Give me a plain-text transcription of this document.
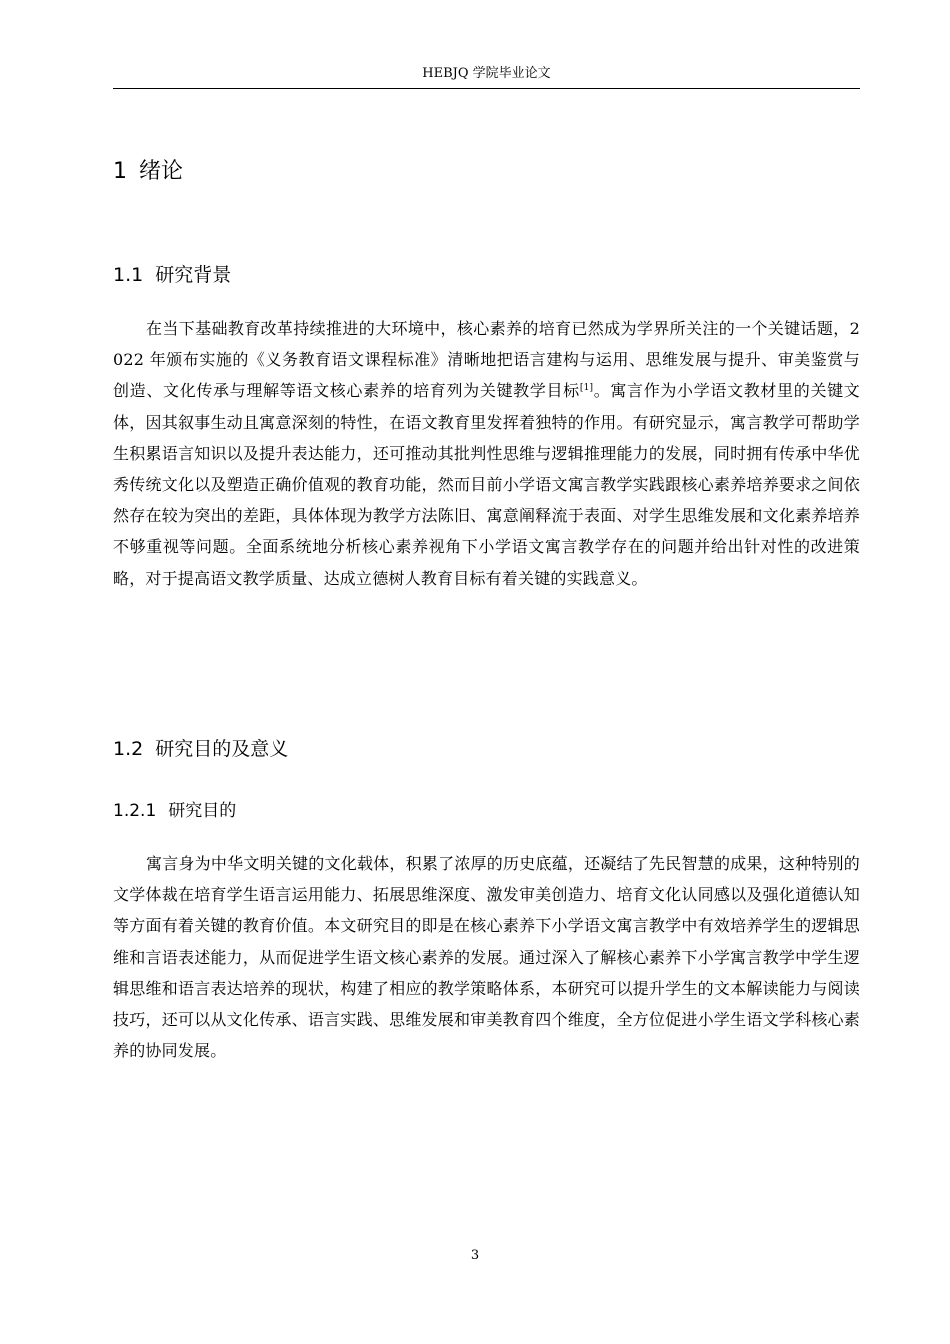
HEBJQ 学院毕业论文
1 绪论
1.1 研究背景

在当下基础教育改革持续推进的大环境中，核心素养的培育已然成为学界所关注的一个关键话题，2022 年颁布实施的《义务教育语文课程标准》清晰地把语言建构与运用、思维发展与提升、审美鉴赏与创造、文化传承与理解等语文核心素养的培育列为关键教学目标[1]。寓言作为小学语文教材里的关键文体，因其叙事生动且寓意深刻的特性，在语文教育里发挥着独特的作用。有研究显示，寓言教学可帮助学生积累语言知识以及提升表达能力，还可推动其批判性思维与逻辑推理能力的发展，同时拥有传承中华优秀传统文化以及塑造正确价值观的教育功能，然而目前小学语文寓言教学实践跟核心素养培养要求之间依然存在较为突出的差距，具体体现为教学方法陈旧、寓意阐释流于表面、对学生思维发展和文化素养培养不够重视等问题。全面系统地分析核心素养视角下小学语文寓言教学存在的问题并给出针对性的改进策略，对于提高语文教学质量、达成立德树人教育目标有着关键的实践意义。

1.2 研究目的及意义
1.2.1 研究目的

寓言身为中华文明关键的文化载体，积累了浓厚的历史底蕴，还凝结了先民智慧的成果，这种特别的文学体裁在培育学生语言运用能力、拓展思维深度、激发审美创造力、培育文化认同感以及强化道德认知等方面有着关键的教育价值。本文研究目的即是在核心素养下小学语文寓言教学中有效培养学生的逻辑思维和言语表述能力，从而促进学生语文核心素养的发展。通过深入了解核心素养下小学寓言教学中学生逻辑思维和语言表达培养的现状，构建了相应的教学策略体系，本研究可以提升学生的文本解读能力与阅读技巧，还可以从文化传承、语言实践、思维发展和审美教育四个维度，全方位促进小学生语文学科核心素养的协同发展。

3
